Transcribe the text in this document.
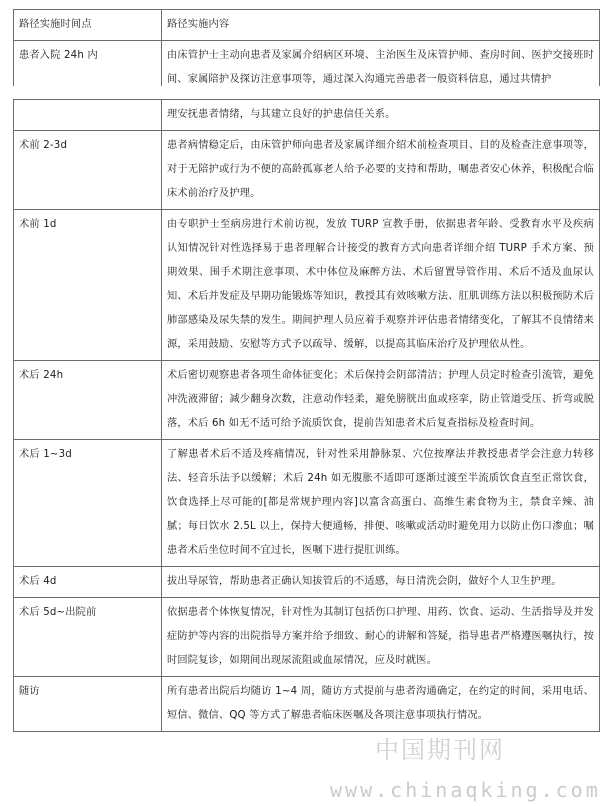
路径实施时间点	路径实施内容
患者入院 24h 内	由床管护士主动向患者及家属介绍病区环境、主治医生及床管护师、查房时间、医护交接班时间、家属陪护及探访注意事项等，通过深入沟通完善患者一般资料信息，通过共情护
	理安抚患者情绪，与其建立良好的护患信任关系。
术前 2-3d	患者病情稳定后，由床管护师向患者及家属详细介绍术前检查项目、目的及检查注意事项等，对于无陪护或行为不便的高龄孤寡老人给予必要的支持和帮助，嘱患者安心休养，积极配合临床术前治疗及护理。
术前 1d	由专职护士至病房进行术前访视，发放 TURP 宣教手册，依据患者年龄、受教育水平及疾病认知情况针对性选择易于患者理解合计接受的教育方式向患者详细介绍 TURP 手术方案、预期效果、围手术期注意事项、术中体位及麻醉方法、术后留置导管作用、术后不适及血尿认知、术后并发症及早期功能锻炼等知识，教授其有效咳嗽方法、肛肌训练方法以积极预防术后肺部感染及尿失禁的发生。期间护理人员应着手观察并评估患者情绪变化，了解其不良情绪来源，采用鼓励、安慰等方式予以疏导、缓解，以提高其临床治疗及护理依从性。
术后 24h	术后密切观察患者各项生命体征变化；术后保持会阴部清洁；护理人员定时检查引流管，避免冲洗液滞留；减少翻身次数，注意动作轻柔，避免膀胱出血或痉挛，防止管道受压、折弯或脱落，术后 6h 如无不适可给予流质饮食，提前告知患者术后复查指标及检查时间。
术后 1~3d	了解患者术后不适及疼痛情况，针对性采用静脉泵、穴位按摩法并教授患者学会注意力转移法、轻音乐法予以缓解；术后 24h 如无腹胀不适即可逐渐过渡至半流质饮食直至正常饮食，饮食选择上尽可能的[都是常规护理内容]以富含高蛋白、高维生素食物为主，禁食辛辣、油腻；每日饮水 2.5L 以上，保持大便通畅，排便、咳嗽或活动时避免用力以防止伤口渗血；嘱患者术后坐位时间不宜过长，医嘱下进行提肛训练。
术后 4d	拔出导尿管，帮助患者正确认知拔管后的不适感，每日清洗会阴，做好个人卫生护理。
术后 5d~出院前	依据患者个体恢复情况，针对性为其制订包括伤口护理、用药、饮食、运动、生活指导及并发症防护等内容的出院指导方案并给予细致、耐心的讲解和答疑，指导患者严格遵医嘱执行，按时回院复诊，如期间出现尿流阻或血尿情况，应及时就医。
随访	所有患者出院后均随访 1~4 周，随访方式提前与患者沟通确定，在约定的时间，采用电话、短信、微信、QQ 等方式了解患者临床医嘱及各项注意事项执行情况。
中国期刊网
www.chinaqking.com
